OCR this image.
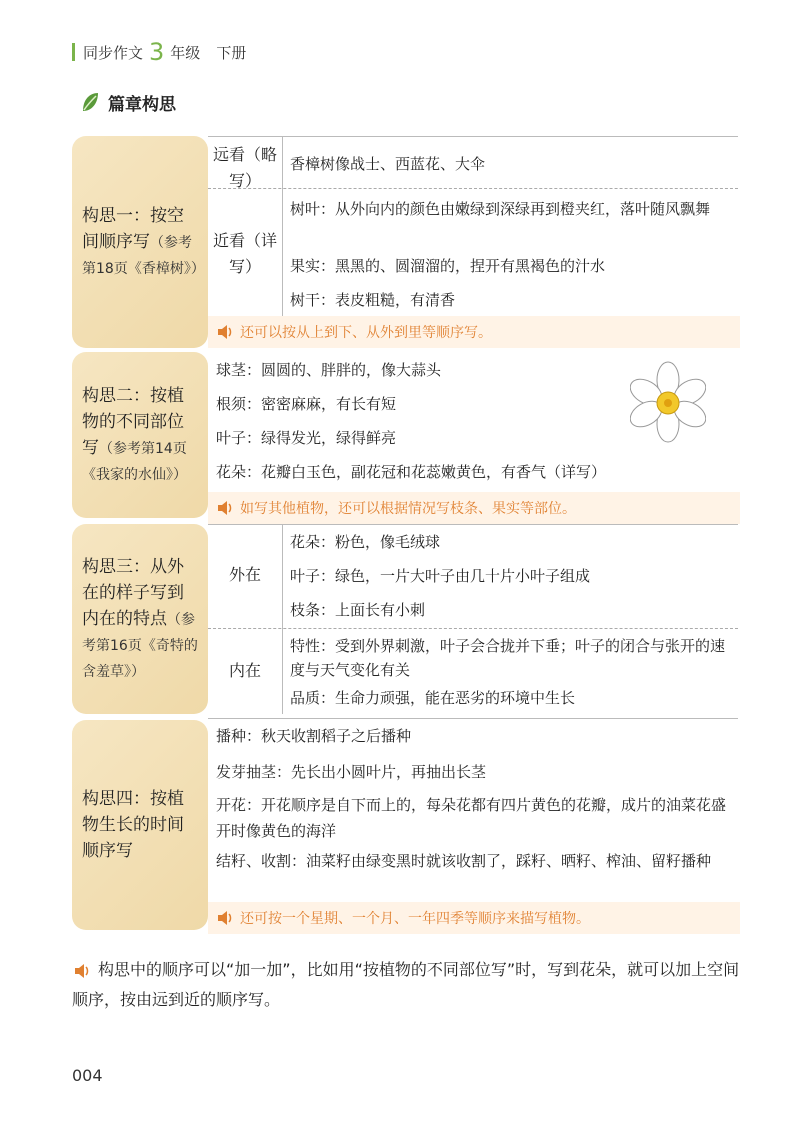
同步作文 3 年级 下册
篇章构思
构思一：按空间顺序写（参考第18页《香樟树》）
远看（略写）
香樟树像战士、西蓝花、大伞
近看（详写）
树叶：从外向内的颜色由嫩绿到深绿再到橙夹红，落叶随风飘舞
果实：黑黑的、圆溜溜的，捏开有黑褐色的汁水
树干：表皮粗糙，有清香
还可以按从上到下、从外到里等顺序写。
构思二：按植物的不同部位写（参考第14页《我家的水仙》）
球茎：圆圆的、胖胖的，像大蒜头
根须：密密麻麻，有长有短
叶子：绿得发光，绿得鲜亮
花朵：花瓣白玉色，副花冠和花蕊嫩黄色，有香气（详写）
如写其他植物，还可以根据情况写枝条、果实等部位。
构思三：从外在的样子写到内在的特点（参考第16页《奇特的含羞草》）
外在
花朵：粉色，像毛绒球
叶子：绿色，一片大叶子由几十片小叶子组成
枝条：上面长有小刺
内在
特性：受到外界刺激，叶子会合拢并下垂；叶子的闭合与张开的速度与天气变化有关
品质：生命力顽强，能在恶劣的环境中生长
构思四：按植物生长的时间顺序写
播种：秋天收割稻子之后播种
发芽抽茎：先长出小圆叶片，再抽出长茎
开花：开花顺序是自下而上的，每朵花都有四片黄色的花瓣，成片的油菜花盛开时像黄色的海洋
结籽、收割：油菜籽由绿变黑时就该收割了，踩籽、晒籽、榨油、留籽播种
还可按一个星期、一个月、一年四季等顺序来描写植物。
构思中的顺序可以“加一加”，比如用“按植物的不同部位写”时，写到花朵，就可以加上空间顺序，按由远到近的顺序写。
004
